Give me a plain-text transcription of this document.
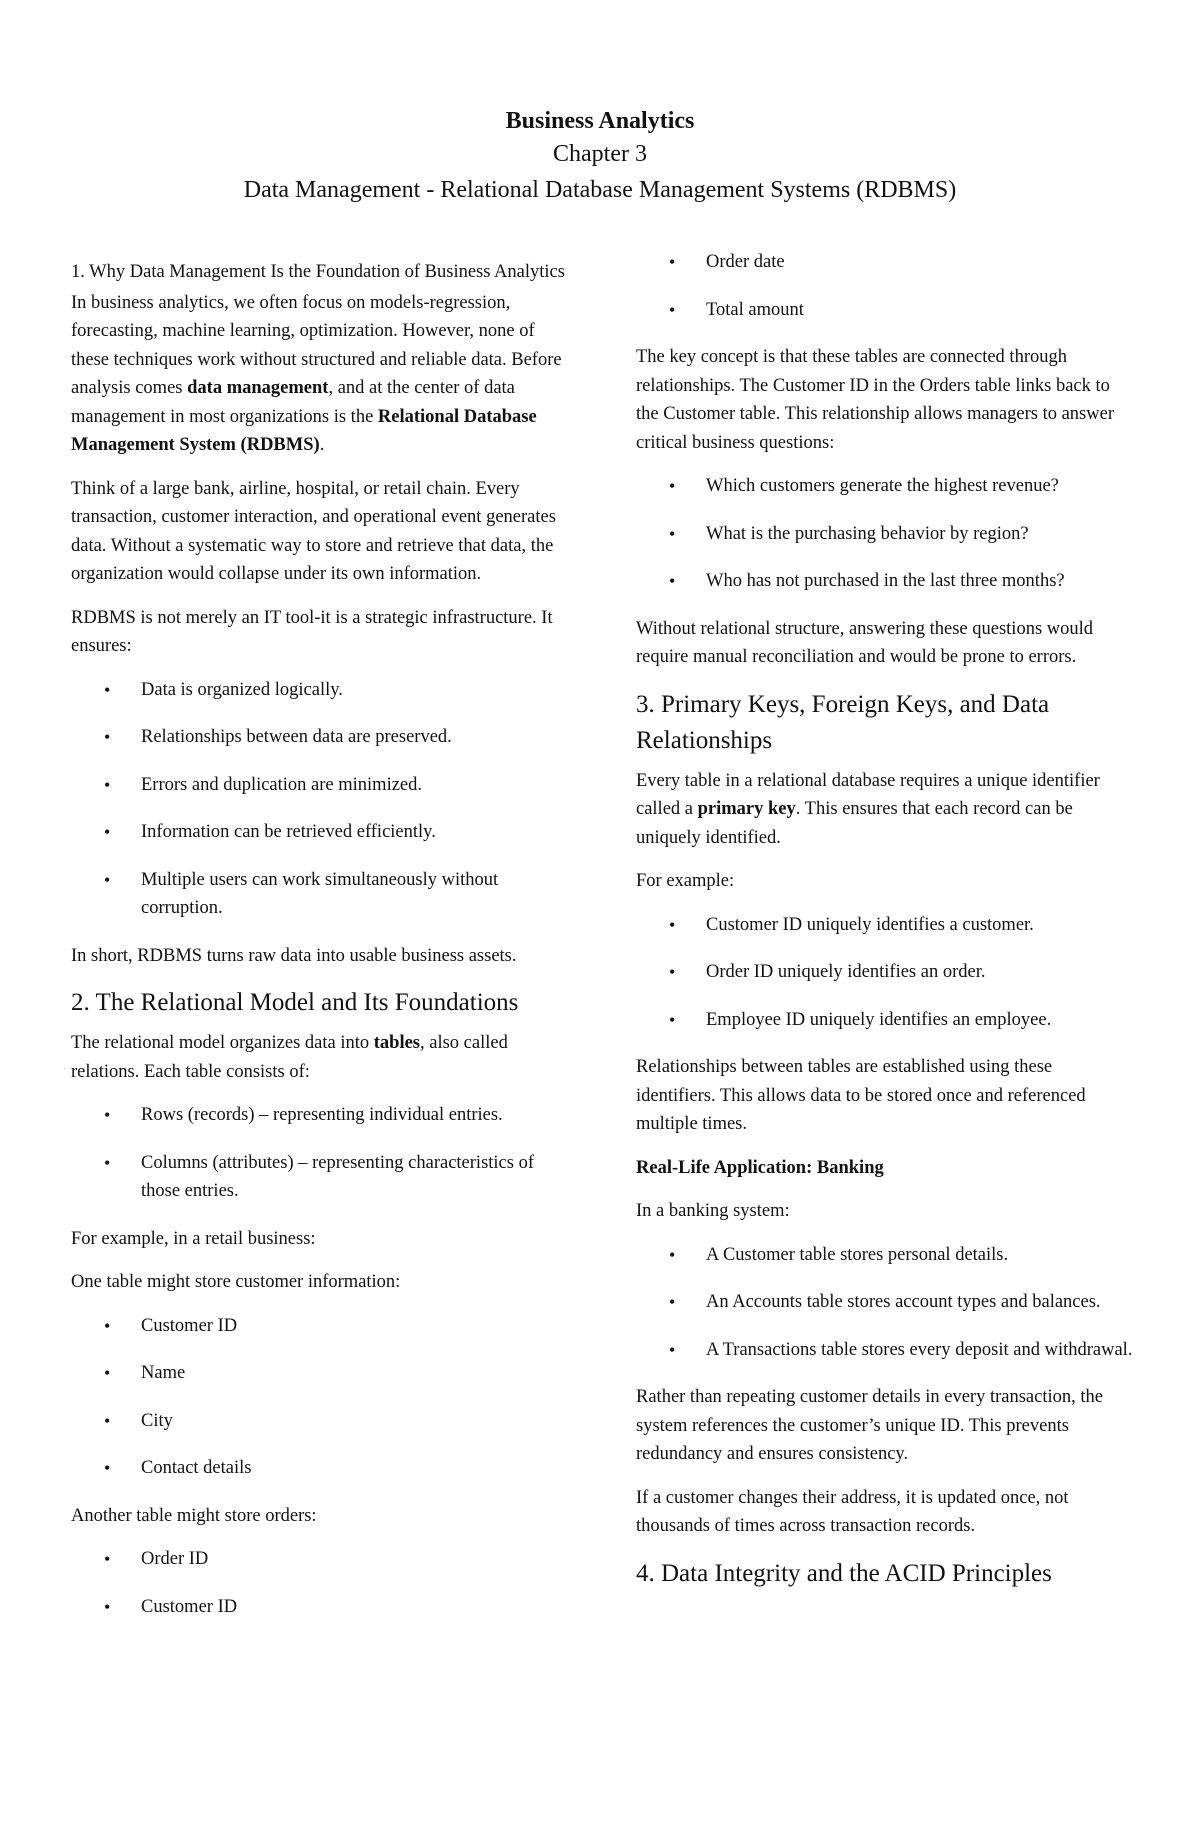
Business Analytics

Chapter 3

Data Management - Relational Database Management Systems (RDBMS)

1. Why Data Management Is the Foundation of Business Analytics

In business analytics, we often focus on models-regression, forecasting, machine learning, optimization. However, none of these techniques work without structured and reliable data. Before analysis comes data management, and at the center of data management in most organizations is the Relational Database Management System (RDBMS).

Think of a large bank, airline, hospital, or retail chain. Every transaction, customer interaction, and operational event generates data. Without a systematic way to store and retrieve that data, the organization would collapse under its own information.

RDBMS is not merely an IT tool-it is a strategic infrastructure. It ensures:

• Data is organized logically.
• Relationships between data are preserved.
• Errors and duplication are minimized.
• Information can be retrieved efficiently.
• Multiple users can work simultaneously without corruption.

In short, RDBMS turns raw data into usable business assets.

2. The Relational Model and Its Foundations

The relational model organizes data into tables, also called relations. Each table consists of:

• Rows (records) – representing individual entries.
• Columns (attributes) – representing characteristics of those entries.

For example, in a retail business:

One table might store customer information:

• Customer ID
• Name
• City
• Contact details

Another table might store orders:

• Order ID
• Customer ID
• Order date
• Total amount

The key concept is that these tables are connected through relationships. The Customer ID in the Orders table links back to the Customer table. This relationship allows managers to answer critical business questions:

• Which customers generate the highest revenue?
• What is the purchasing behavior by region?
• Who has not purchased in the last three months?

Without relational structure, answering these questions would require manual reconciliation and would be prone to errors.

3. Primary Keys, Foreign Keys, and Data Relationships

Every table in a relational database requires a unique identifier called a primary key. This ensures that each record can be uniquely identified.

For example:

• Customer ID uniquely identifies a customer.
• Order ID uniquely identifies an order.
• Employee ID uniquely identifies an employee.

Relationships between tables are established using these identifiers. This allows data to be stored once and referenced multiple times.

Real-Life Application: Banking

In a banking system:

• A Customer table stores personal details.
• An Accounts table stores account types and balances.
• A Transactions table stores every deposit and withdrawal.

Rather than repeating customer details in every transaction, the system references the customer’s unique ID. This prevents redundancy and ensures consistency.

If a customer changes their address, it is updated once, not thousands of times across transaction records.

4. Data Integrity and the ACID Principles
